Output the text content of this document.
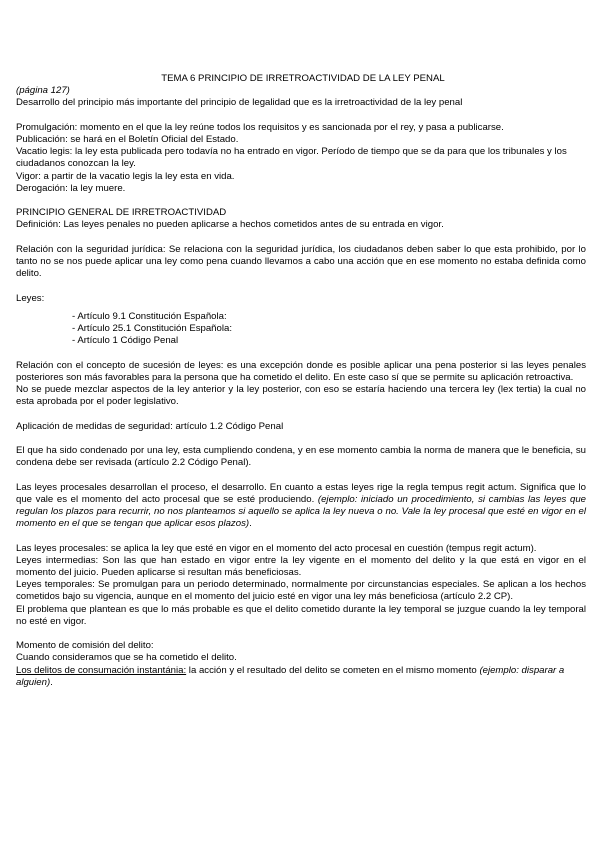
TEMA 6 PRINCIPIO DE IRRETROACTIVIDAD DE LA LEY PENAL

(página 127)

Desarrollo del principio más importante del principio de legalidad que es la irretroactividad de la ley penal

Promulgación: momento en el que la ley reúne todos los requisitos y es sancionada por el rey, y pasa a publicarse.

Publicación: se hará en el Boletín Oficial del Estado.

Vacatio legis: la ley esta publicada pero todavía no ha entrado en vigor. Período de tiempo que se da para que los tribunales y los ciudadanos conozcan la ley.

Vigor: a partir de la vacatio legis la ley esta en vida.

Derogación: la ley muere.

PRINCIPIO GENERAL DE IRRETROACTIVIDAD

Definición: Las leyes penales no pueden aplicarse a hechos cometidos antes de su entrada en vigor.

Relación con la seguridad jurídica: Se relaciona con la seguridad jurídica, los ciudadanos deben saber lo que esta prohibido, por lo tanto no se nos puede aplicar una ley como pena cuando llevamos a cabo una acción que en ese momento no estaba definida como delito.

Leyes:

- Artículo 9.1 Constitución Española:

- Artículo 25.1 Constitución Española:

- Artículo 1 Código Penal

Relación con el concepto de sucesión de leyes: es una excepción donde es posible aplicar una pena posterior si las leyes penales posteriores son más favorables para la persona que ha cometido el delito. En este caso sí que se permite su aplicación retroactiva.

No se puede mezclar aspectos de la ley anterior y la ley posterior, con eso se estaría haciendo una tercera ley (lex tertia) la cual no esta aprobada por el poder legislativo.

Aplicación de medidas de seguridad: artículo 1.2 Código Penal

El que ha sido condenado por una ley, esta cumpliendo condena, y en ese momento cambia la norma de manera que le beneficia, su condena debe ser revisada (artículo 2.2 Código Penal).

Las leyes procesales desarrollan el proceso, el desarrollo. En cuanto a estas leyes rige la regla tempus regit actum. Significa que lo que vale es el momento del acto procesal que se esté produciendo. (ejemplo: iniciado un procedimiento, si cambias las leyes que regulan los plazos para recurrir, no nos planteamos si aquello se aplica la ley nueva o no. Vale la ley procesal que esté en vigor en el momento en el que se tengan que aplicar esos plazos).

Las leyes procesales: se aplica la ley que esté en vigor en el momento del acto procesal en cuestión (tempus regit actum).

Leyes intermedias: Son las que han estado en vigor entre la ley vigente en el momento del delito y la que está en vigor en el momento del juicio. Pueden aplicarse si resultan más beneficiosas.

Leyes temporales: Se promulgan para un periodo determinado, normalmente por circunstancias especiales. Se aplican a los hechos cometidos bajo su vigencia, aunque en el momento del juicio esté en vigor una ley más beneficiosa (artículo 2.2 CP).

El problema que plantean es que lo más probable es que el delito cometido durante la ley temporal se juzgue cuando la ley temporal no esté en vigor.

Momento de comisión del delito:

Cuando consideramos que se ha cometido el delito.

Los delitos de consumación instantánia: la acción y el resultado del delito se cometen en el mismo momento (ejemplo: disparar a alguien).
